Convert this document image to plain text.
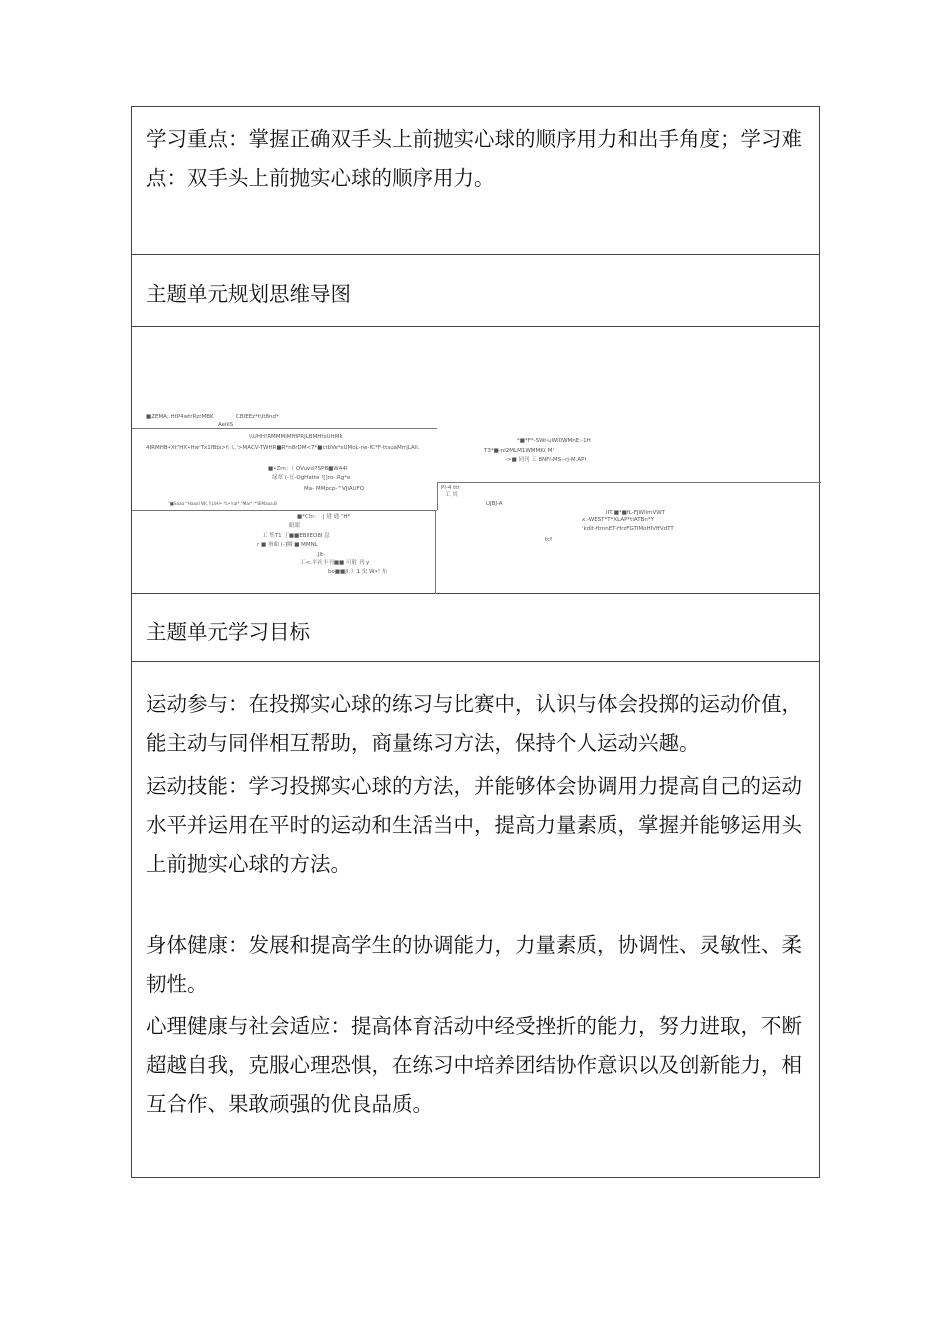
学习重点：掌握正确双手头上前抛实心球的顺序用力和出手角度；学习难点：双手头上前抛实心球的顺序用力。
主题单元规划思维导图
■ZEMA;.HtP4wtrRzrMBK	CBIEEz*t\lt8nd*
AeliiS
\\UHH!RMMMiMffIPRJLBMHtsUttMk
4IRMHB•Xt"HX•Hw'Tx1fBbi>f: l,.'>MACV-TWHR■R*n8rDM<7*■ctbVe*sUMoL-rw-fC*F-ttsuaMrrjLAll.
■•Zrn：（ OVuvsl?SPB■W44l
绿翠 (-亘-OgHatte ![]ro-.Rg*e
Ma- MMpcp-^VJlAUFQ
"■Saaa^Haaal W(.!!L\Hl• *L•!ral*."Mar*.*'BiMaaa.B
■*Cln： ·| 尉 通 "H*
眼眼
工 隼T1 丁■■EBllEO8I 息
r ■ 禀曲 (-]咽 ■ MMNL
.JIt-
工<.平社丰刊■■ 可射 刊 y
bo■■Jl：）1 虫 W•! 东
*■*F*-SWr-uWl0WMnE:-1H
T3*■-nl2MLM1WMMK( M'
->■ 同刊 工 8NFI-MS--rj-M.API
Pl-4 ttr
工 其
UJBJ-A
IIT.■*■fL-FJWIlmVWT
x.-WEST*T*XLAP*tiATBn*Y
'kdlt-ftmnET-HrzFGTlMoHIVffVdTT
tcf
主题单元学习目标
运动参与：在投掷实心球的练习与比赛中，认识与体会投掷的运动价值，能主动与同伴相互帮助，商量练习方法，保持个人运动兴趣。
运动技能：学习投掷实心球的方法，并能够体会协调用力提高自己的运动水平并运用在平时的运动和生活当中，提高力量素质，掌握并能够运用头上前抛实心球的方法。
身体健康：发展和提高学生的协调能力，力量素质，协调性、灵敏性、柔韧性。
心理健康与社会适应：提高体育活动中经受挫折的能力，努力进取，不断超越自我，克服心理恐惧，在练习中培养团结协作意识以及创新能力，相互合作、果敢顽强的优良品质。
